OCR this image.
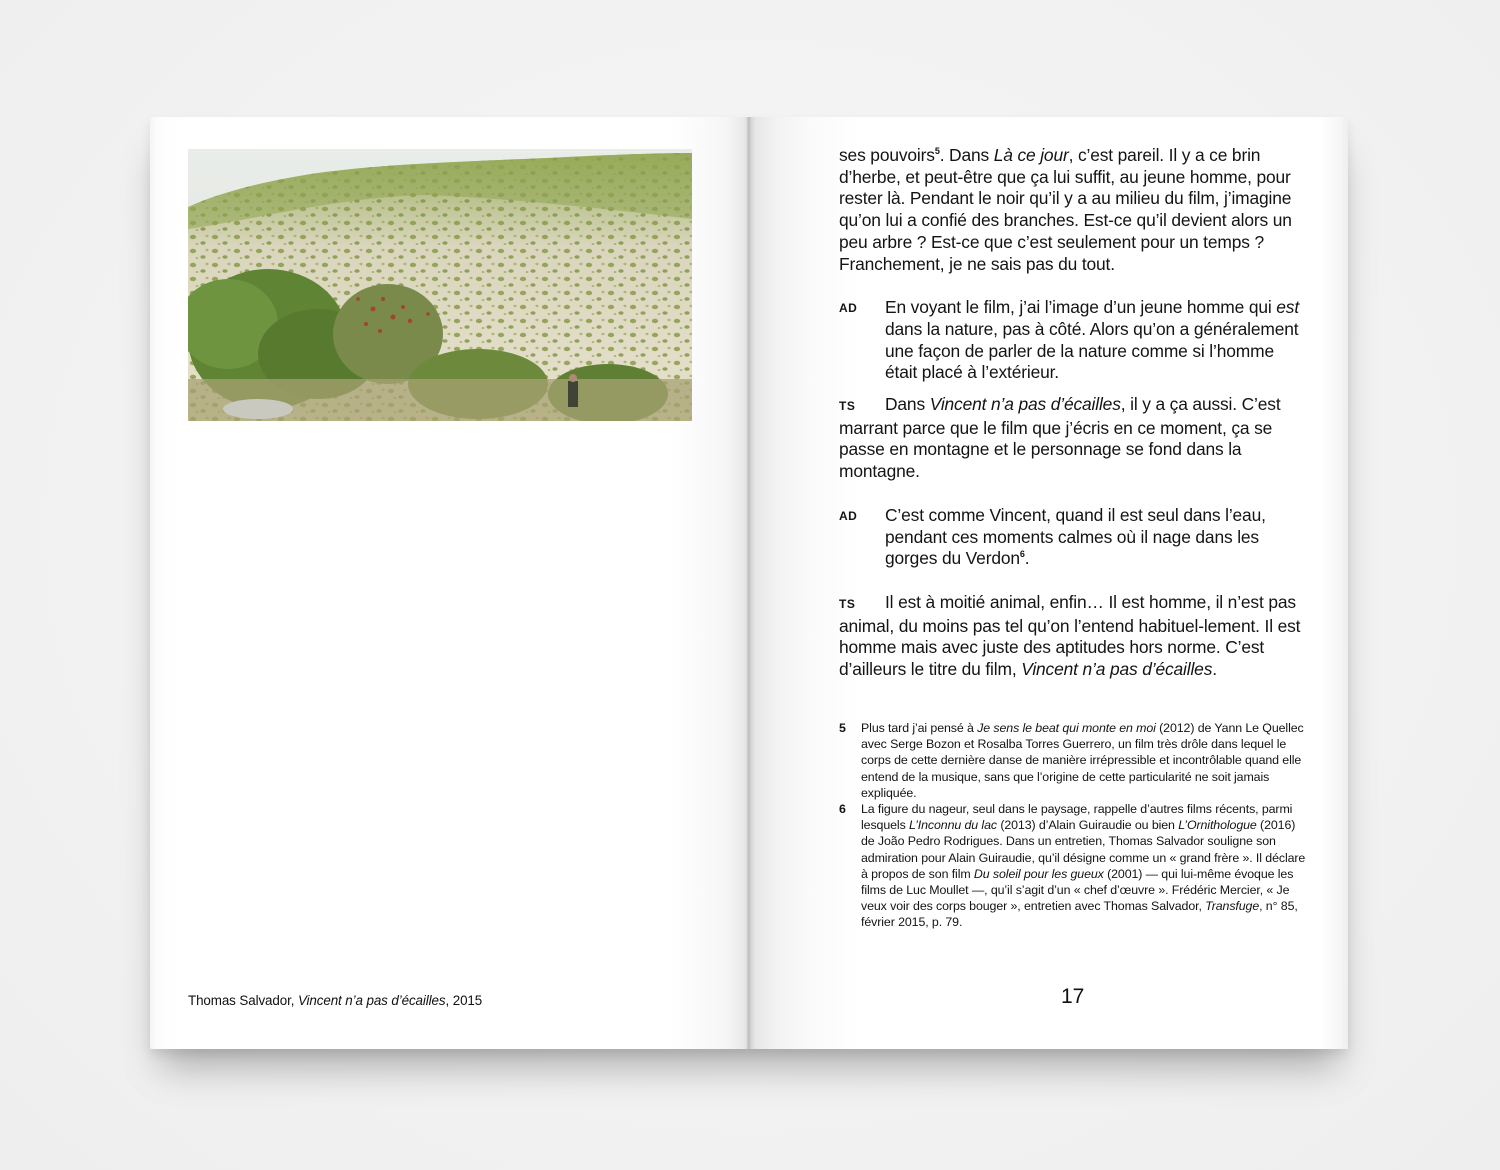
Thomas Salvador, Vincent n’a pas d’écailles, 2015

ses pouvoirs$^5$. Dans Là ce jour, c’est pareil. Il y a ce brin d’herbe, et peut-être que ça lui suffit, au jeune homme, pour rester là. Pendant le noir qu’il y a au milieu du film, j’imagine qu’on lui a confié des branches. Est-ce qu’il devient alors un peu arbre ? Est-ce que c’est seulement pour un temps ? Franchement, je ne sais pas du tout.

AD	En voyant le film, j’ai l’image d’un jeune homme qui est dans la nature, pas à côté. Alors qu’on a généralement une façon de parler de la nature comme si l’homme était placé à l’extérieur.

TS Dans Vincent n’a pas d’écailles, il y a ça aussi. C’est marrant parce que le film que j’écris en ce moment, ça se passe en montagne et le personnage se fond dans la montagne.

AD	C’est comme Vincent, quand il est seul dans l’eau, pendant ces moments calmes où il nage dans les gorges du Verdon$^6$.

TS Il est à moitié animal, enfin… Il est homme, il n’est pas animal, du moins pas tel qu’on l’entend habituel-lement. Il est homme mais avec juste des aptitudes hors norme. C’est d’ailleurs le titre du film, Vincent n’a pas d’écailles.

5 Plus tard j’ai pensé à Je sens le beat qui monte en moi (2012) de Yann Le Quellec avec Serge Bozon et Rosalba Torres Guerrero, un film très drôle dans lequel le corps de cette dernière danse de manière irrépressible et incontrôlable quand elle entend de la musique, sans que l’origine de cette particularité ne soit jamais expliquée.

6 La figure du nageur, seul dans le paysage, rappelle d’autres films récents, parmi lesquels L’Inconnu du lac (2013) d’Alain Guiraudie ou bien L’Ornithologue (2016) de João Pedro Rodrigues. Dans un entretien, Thomas Salvador souligne son admiration pour Alain Guiraudie, qu’il désigne comme un « grand frère ». Il déclare à propos de son film Du soleil pour les gueux (2001) — qui lui-même évoque les films de Luc Moullet —, qu’il s’agit d’un « chef d’œuvre ». Frédéric Mercier, « Je veux voir des corps bouger », entretien avec Thomas Salvador, Transfuge, n° 85, février 2015, p. 79.

17
